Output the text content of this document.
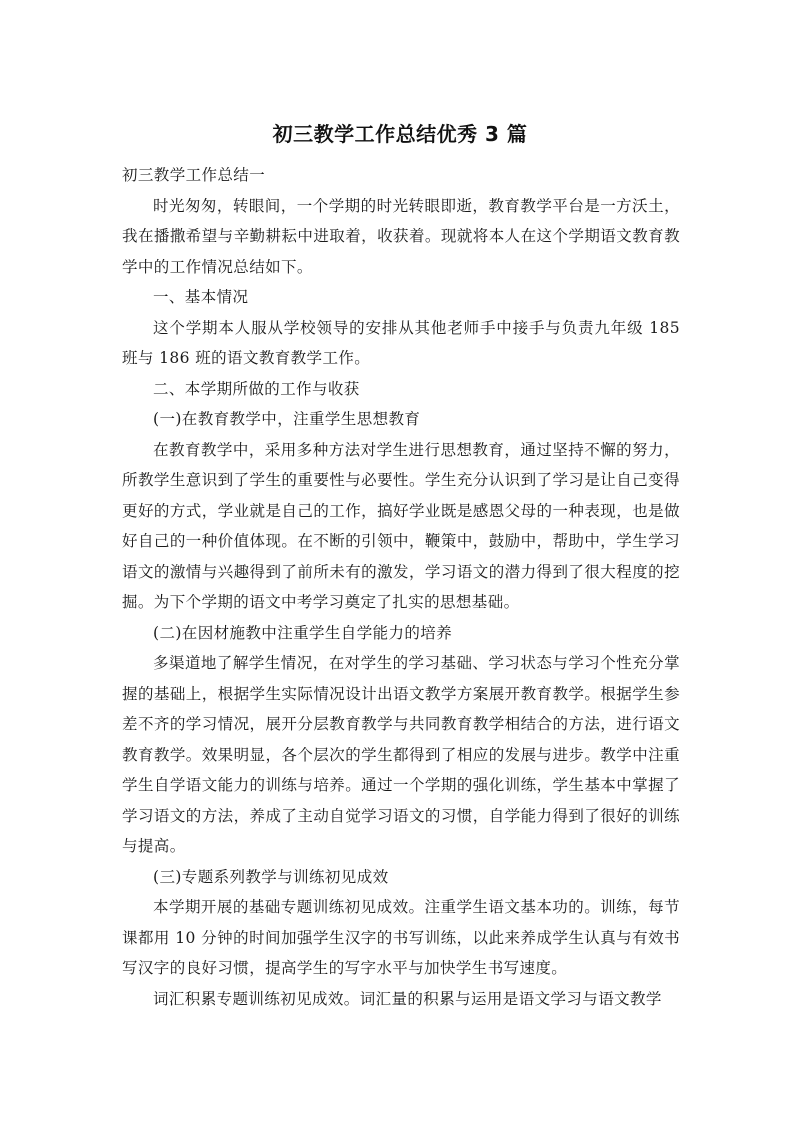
初三教学工作总结优秀 3 篇

初三教学工作总结一

时光匆匆，转眼间，一个学期的时光转眼即逝，教育教学平台是一方沃土，我在播撒希望与辛勤耕耘中进取着，收获着。现就将本人在这个学期语文教育教学中的工作情况总结如下。

一、基本情况

这个学期本人服从学校领导的安排从其他老师手中接手与负责九年级 185 班与 186 班的语文教育教学工作。

二、本学期所做的工作与收获

(一)在教育教学中，注重学生思想教育

在教育教学中，采用多种方法对学生进行思想教育，通过坚持不懈的努力，所教学生意识到了学生的重要性与必要性。学生充分认识到了学习是让自己变得更好的方式，学业就是自己的工作，搞好学业既是感恩父母的一种表现，也是做好自己的一种价值体现。在不断的引领中，鞭策中，鼓励中，帮助中，学生学习语文的激情与兴趣得到了前所未有的激发，学习语文的潜力得到了很大程度的挖掘。为下个学期的语文中考学习奠定了扎实的思想基础。

(二)在因材施教中注重学生自学能力的培养

多渠道地了解学生情况，在对学生的学习基础、学习状态与学习个性充分掌握的基础上，根据学生实际情况设计出语文教学方案展开教育教学。根据学生参差不齐的学习情况，展开分层教育教学与共同教育教学相结合的方法，进行语文教育教学。效果明显，各个层次的学生都得到了相应的发展与进步。教学中注重学生自学语文能力的训练与培养。通过一个学期的强化训练，学生基本中掌握了学习语文的方法，养成了主动自觉学习语文的习惯，自学能力得到了很好的训练与提高。

(三)专题系列教学与训练初见成效

本学期开展的基础专题训练初见成效。注重学生语文基本功的。训练，每节课都用 10 分钟的时间加强学生汉字的书写训练，以此来养成学生认真与有效书写汉字的良好习惯，提高学生的写字水平与加快学生书写速度。

词汇积累专题训练初见成效。词汇量的积累与运用是语文学习与语文教学
